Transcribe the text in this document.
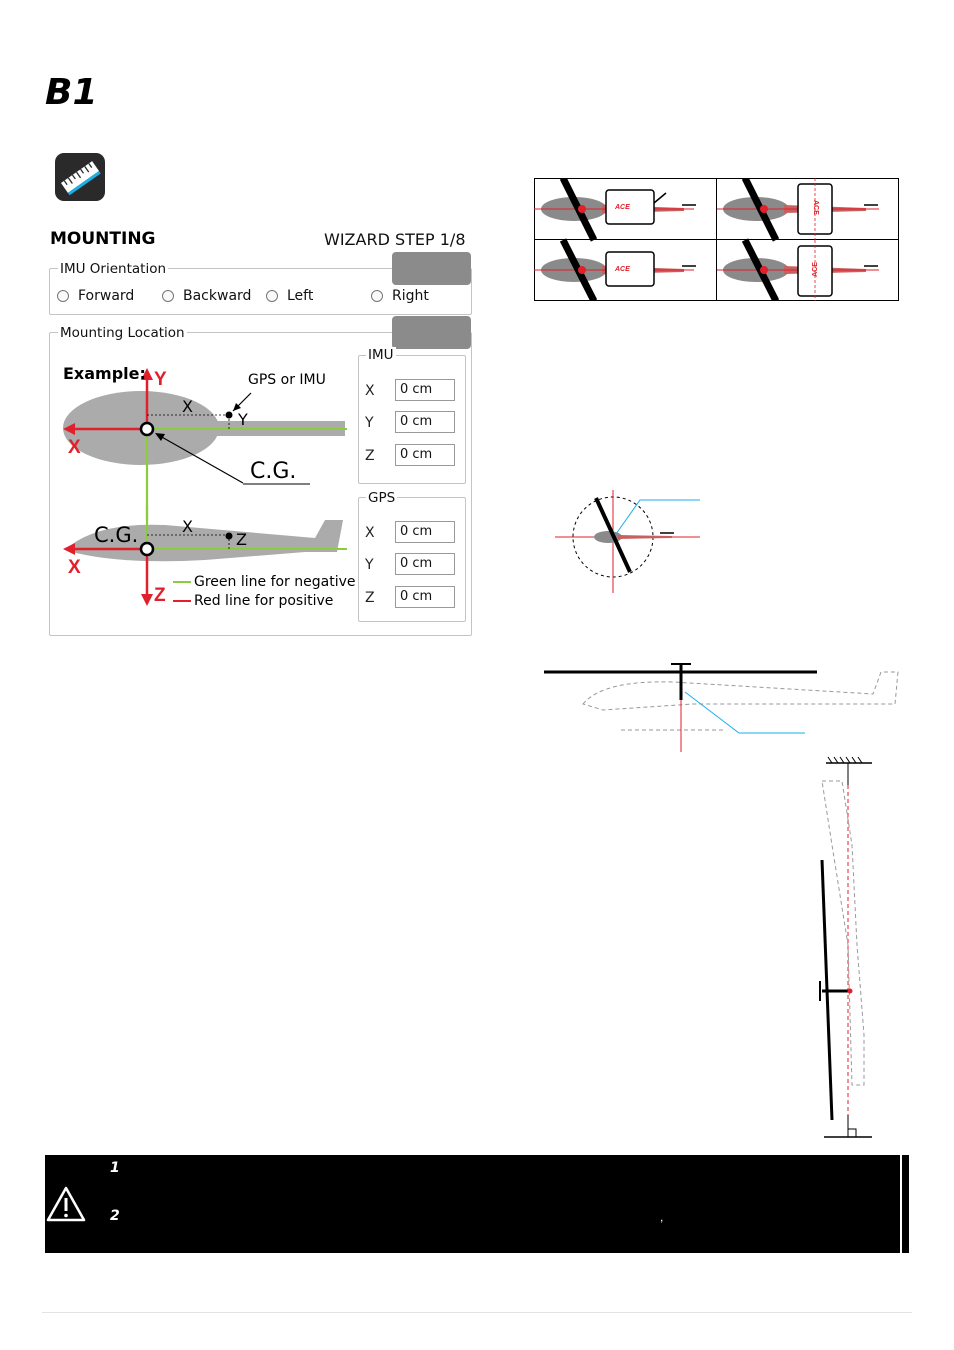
B1
MOUNTING	WIZARD STEP 1/8
IMU Orientation
Forward	Backward	Left	Right
Mounting Location
Example: Y
X
GPS or IMU
X
Y
C.G.
C.G.	X
Z
X
Z
Green line for negative
Red line for positive
IMU
X	0 cm
Y	0 cm
Z	0 cm
GPS
X	0 cm
Y	0 cm
Z	0 cm
ACE	ACE
ACE	ACE
1
2	,
